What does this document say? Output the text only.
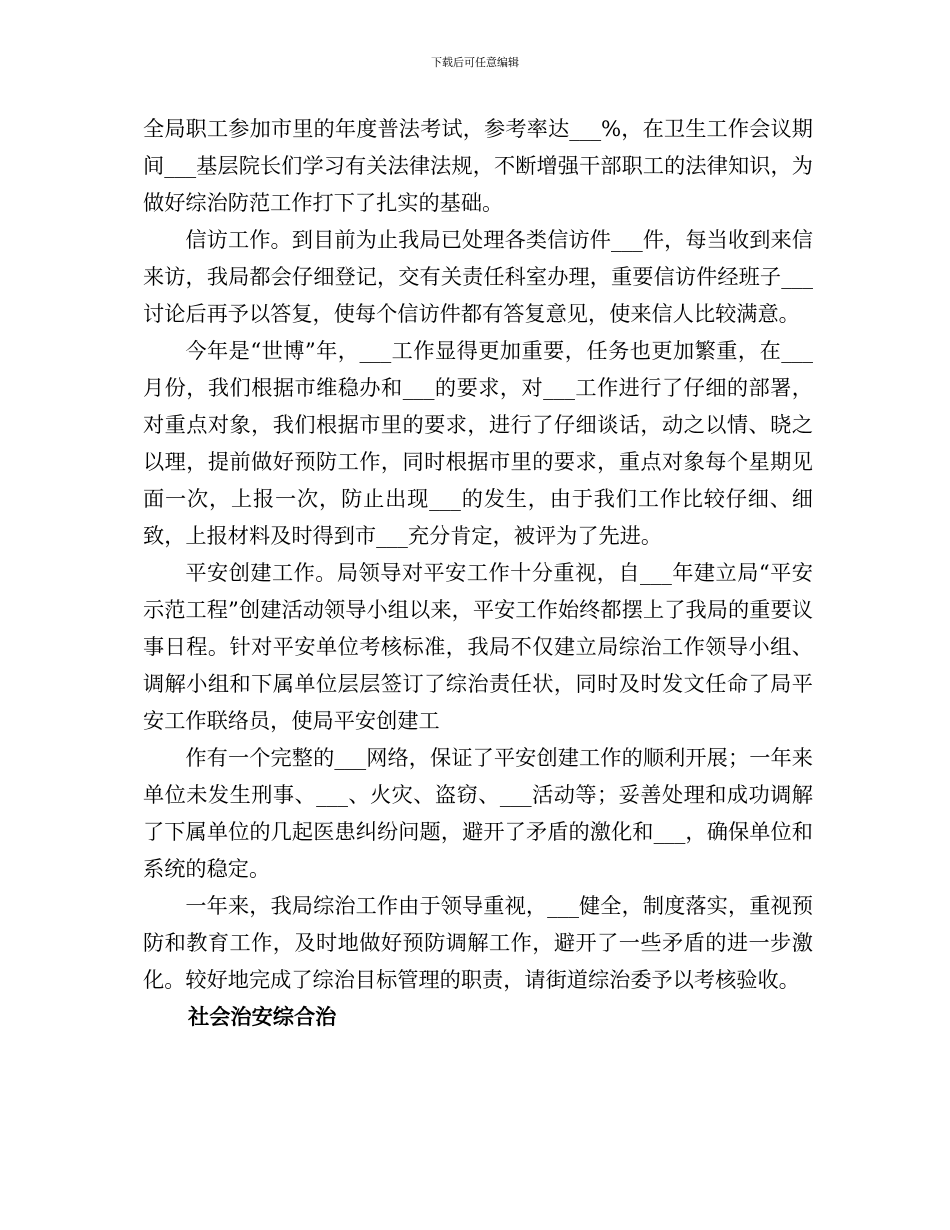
下载后可任意编辑

全局职工参加市里的年度普法考试，参考率达___%，在卫生工作会议期间___基层院长们学习有关法律法规，不断增强干部职工的法律知识，为做好综治防范工作打下了扎实的基础。

信访工作。到目前为止我局已处理各类信访件___件，每当收到来信来访，我局都会仔细登记，交有关责任科室办理，重要信访件经班子___讨论后再予以答复，使每个信访件都有答复意见，使来信人比较满意。

今年是“世博”年，___工作显得更加重要，任务也更加繁重，在___月份，我们根据市维稳办和___的要求，对___工作进行了仔细的部署，对重点对象，我们根据市里的要求，进行了仔细谈话，动之以情、晓之以理，提前做好预防工作，同时根据市里的要求，重点对象每个星期见面一次，上报一次，防止出现___的发生，由于我们工作比较仔细、细致，上报材料及时得到市___充分肯定，被评为了先进。

平安创建工作。局领导对平安工作十分重视，自___年建立局“平安示范工程”创建活动领导小组以来，平安工作始终都摆上了我局的重要议事日程。针对平安单位考核标准，我局不仅建立局综治工作领导小组、调解小组和下属单位层层签订了综治责任状，同时及时发文任命了局平安工作联络员，使局平安创建工

作有一个完整的___网络，保证了平安创建工作的顺利开展；一年来单位未发生刑事、___、火灾、盗窃、___活动等；妥善处理和成功调解了下属单位的几起医患纠纷问题，避开了矛盾的激化和___，确保单位和系统的稳定。

一年来，我局综治工作由于领导重视，___健全，制度落实，重视预防和教育工作，及时地做好预防调解工作，避开了一些矛盾的进一步激化。较好地完成了综治目标管理的职责，请街道综治委予以考核验收。

社会治安综合治
